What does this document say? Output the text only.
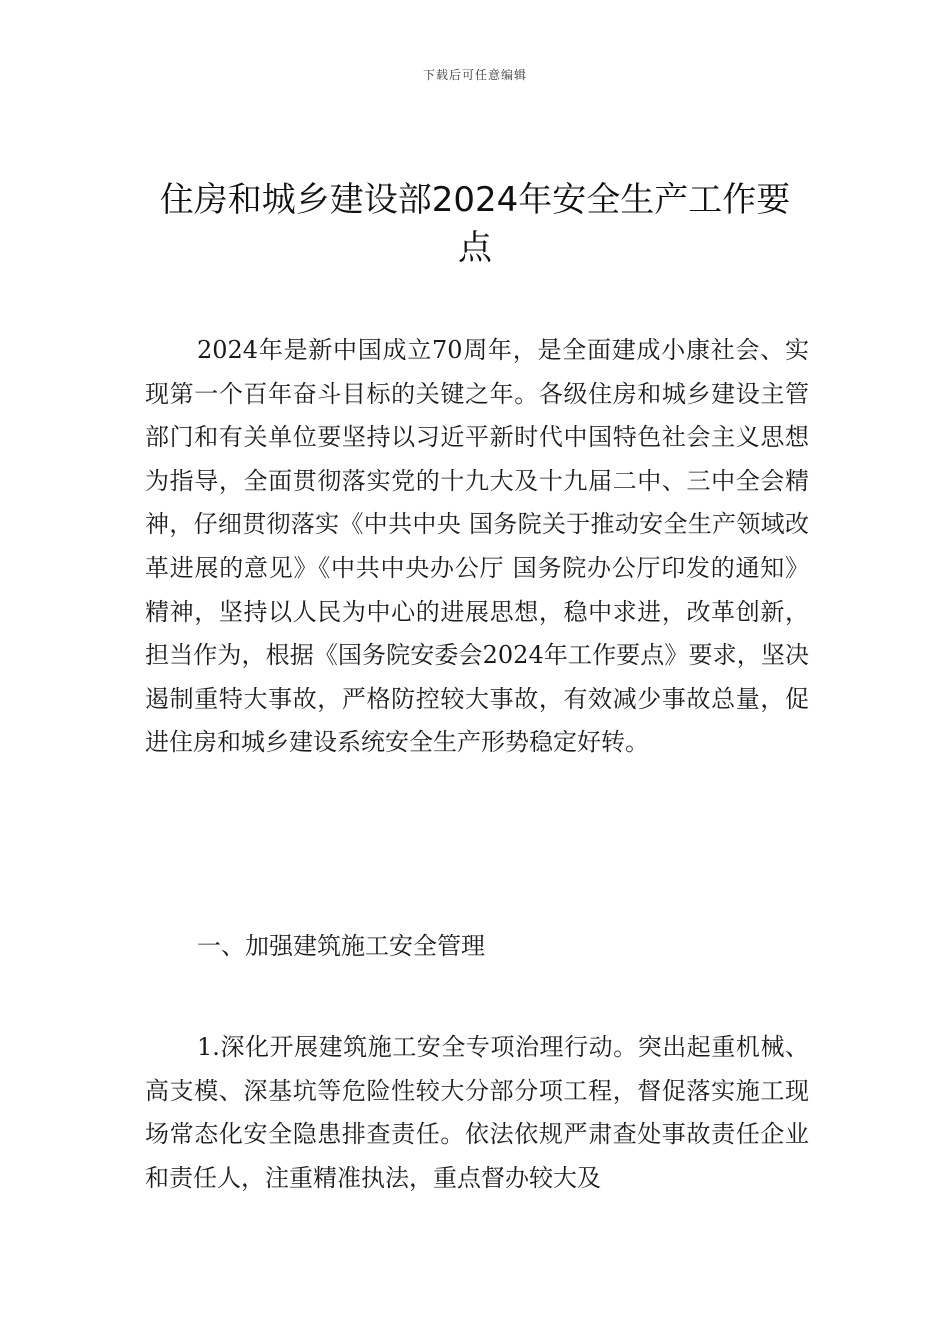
下载后可任意编辑
住房和城乡建设部2024年安全生产工作要点

2024年是新中国成立70周年，是全面建成小康社会、实现第一个百年奋斗目标的关键之年。各级住房和城乡建设主管部门和有关单位要坚持以习近平新时代中国特色社会主义思想为指导，全面贯彻落实党的十九大及十九届二中、三中全会精神，仔细贯彻落实《中共中央 国务院关于推动安全生产领域改革进展的意见》《中共中央办公厅 国务院办公厅印发的通知》精神，坚持以人民为中心的进展思想，稳中求进，改革创新，担当作为，根据《国务院安委会2024年工作要点》要求，坚决遏制重特大事故，严格防控较大事故，有效减少事故总量，促进住房和城乡建设系统安全生产形势稳定好转。

一、加强建筑施工安全管理

1.深化开展建筑施工安全专项治理行动。突出起重机械、高支模、深基坑等危险性较大分部分项工程，督促落实施工现场常态化安全隐患排查责任。依法依规严肃查处事故责任企业和责任人，注重精准执法，重点督办较大及
